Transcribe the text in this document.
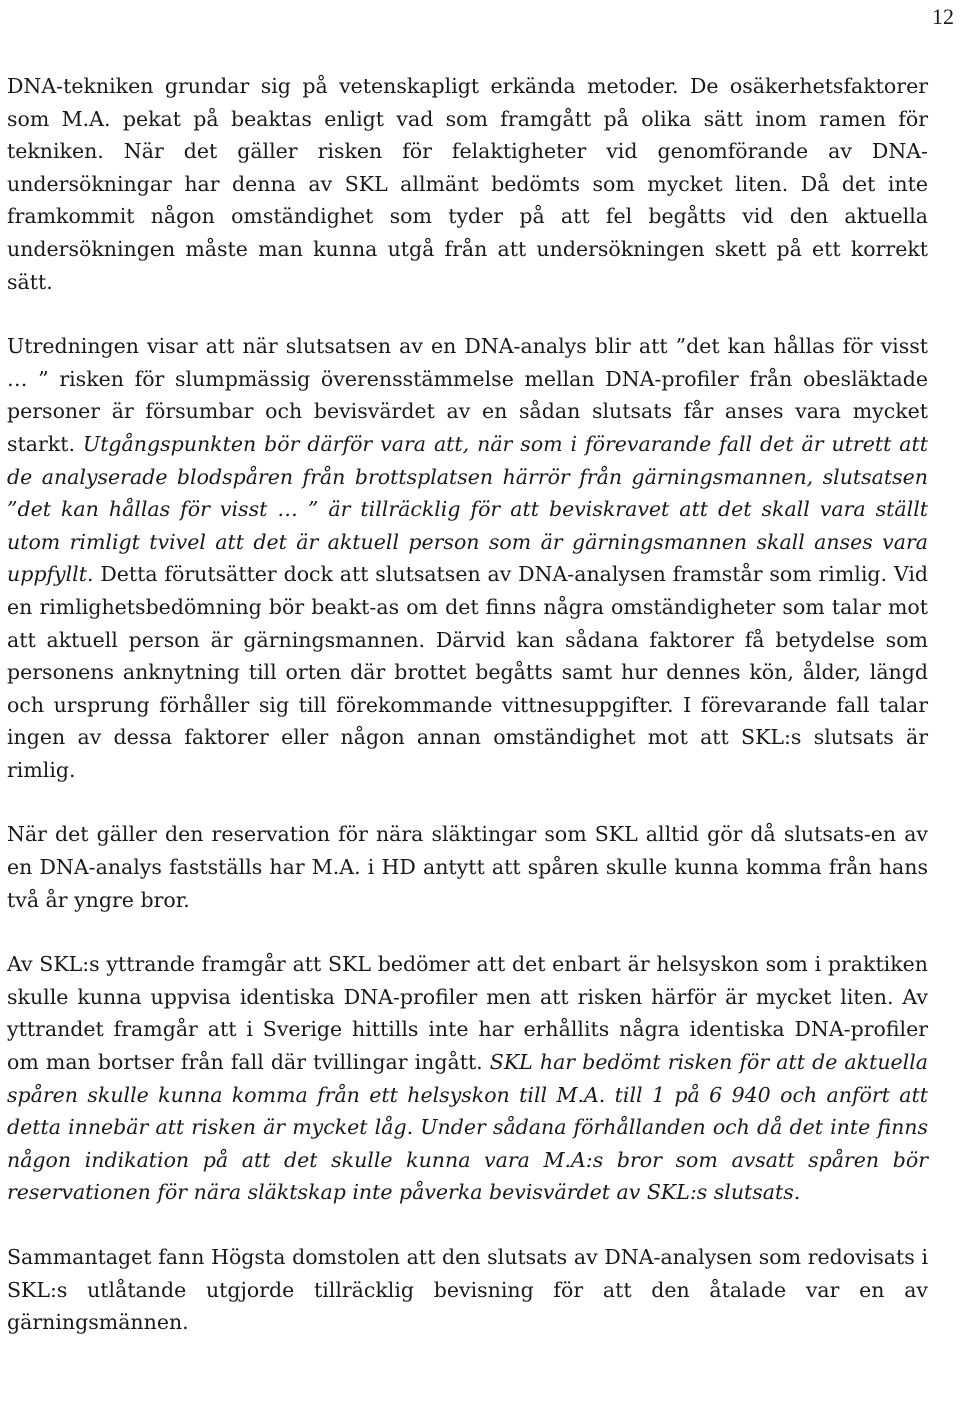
12

DNA-tekniken grundar sig på vetenskapligt erkända metoder. De osäkerhetsfaktorer som M.A. pekat på beaktas enligt vad som framgått på olika sätt inom ramen för tekniken. När det gäller risken för felaktigheter vid genomförande av DNA-undersökningar har denna av SKL allmänt bedömts som mycket liten. Då det inte framkommit någon omständighet som tyder på att fel begåtts vid den aktuella undersökningen måste man kunna utgå från att undersökningen skett på ett korrekt sätt.

Utredningen visar att när slutsatsen av en DNA-analys blir att ”det kan hållas för visst … ” risken för slumpmässig överensstämmelse mellan DNA-profiler från obesläktade personer är försumbar och bevisvärdet av en sådan slutsats får anses vara mycket starkt. Utgångspunkten bör därför vara att, när som i förevarande fall det är utrett att de analyserade blodspåren från brottsplatsen härrör från gärningsmannen, slutsatsen ”det kan hållas för visst … ” är tillräcklig för att beviskravet att det skall vara ställt utom rimligt tvivel att det är aktuell person som är gärningsmannen skall anses vara uppfyllt. Detta förutsätter dock att slutsatsen av DNA-analysen framstår som rimlig. Vid en rimlighetsbedömning bör beakt-as om det finns några omständigheter som talar mot att aktuell person är gärningsmannen. Därvid kan sådana faktorer få betydelse som personens anknytning till orten där brottet begåtts samt hur dennes kön, ålder, längd och ursprung förhåller sig till förekommande vittnesuppgifter. I förevarande fall talar ingen av dessa faktorer eller någon annan omständighet mot att SKL:s slutsats är rimlig.

När det gäller den reservation för nära släktingar som SKL alltid gör då slutsats-en av en DNA-analys fastställs har M.A. i HD antytt att spåren skulle kunna komma från hans två år yngre bror.

Av SKL:s yttrande framgår att SKL bedömer att det enbart är helsyskon som i praktiken skulle kunna uppvisa identiska DNA-profiler men att risken härför är mycket liten. Av yttrandet framgår att i Sverige hittills inte har erhållits några identiska DNA-profiler om man bortser från fall där tvillingar ingått. SKL har bedömt risken för att de aktuella spåren skulle kunna komma från ett helsyskon till M.A. till 1 på 6 940 och anfört att detta innebär att risken är mycket låg. Under sådana förhållanden och då det inte finns någon indikation på att det skulle kunna vara M.A:s bror som avsatt spåren bör reservationen för nära släktskap inte påverka bevisvärdet av SKL:s slutsats.

Sammantaget fann Högsta domstolen att den slutsats av DNA-analysen som redovisats i SKL:s utlåtande utgjorde tillräcklig bevisning för att den åtalade var en av gärningsmännen.
